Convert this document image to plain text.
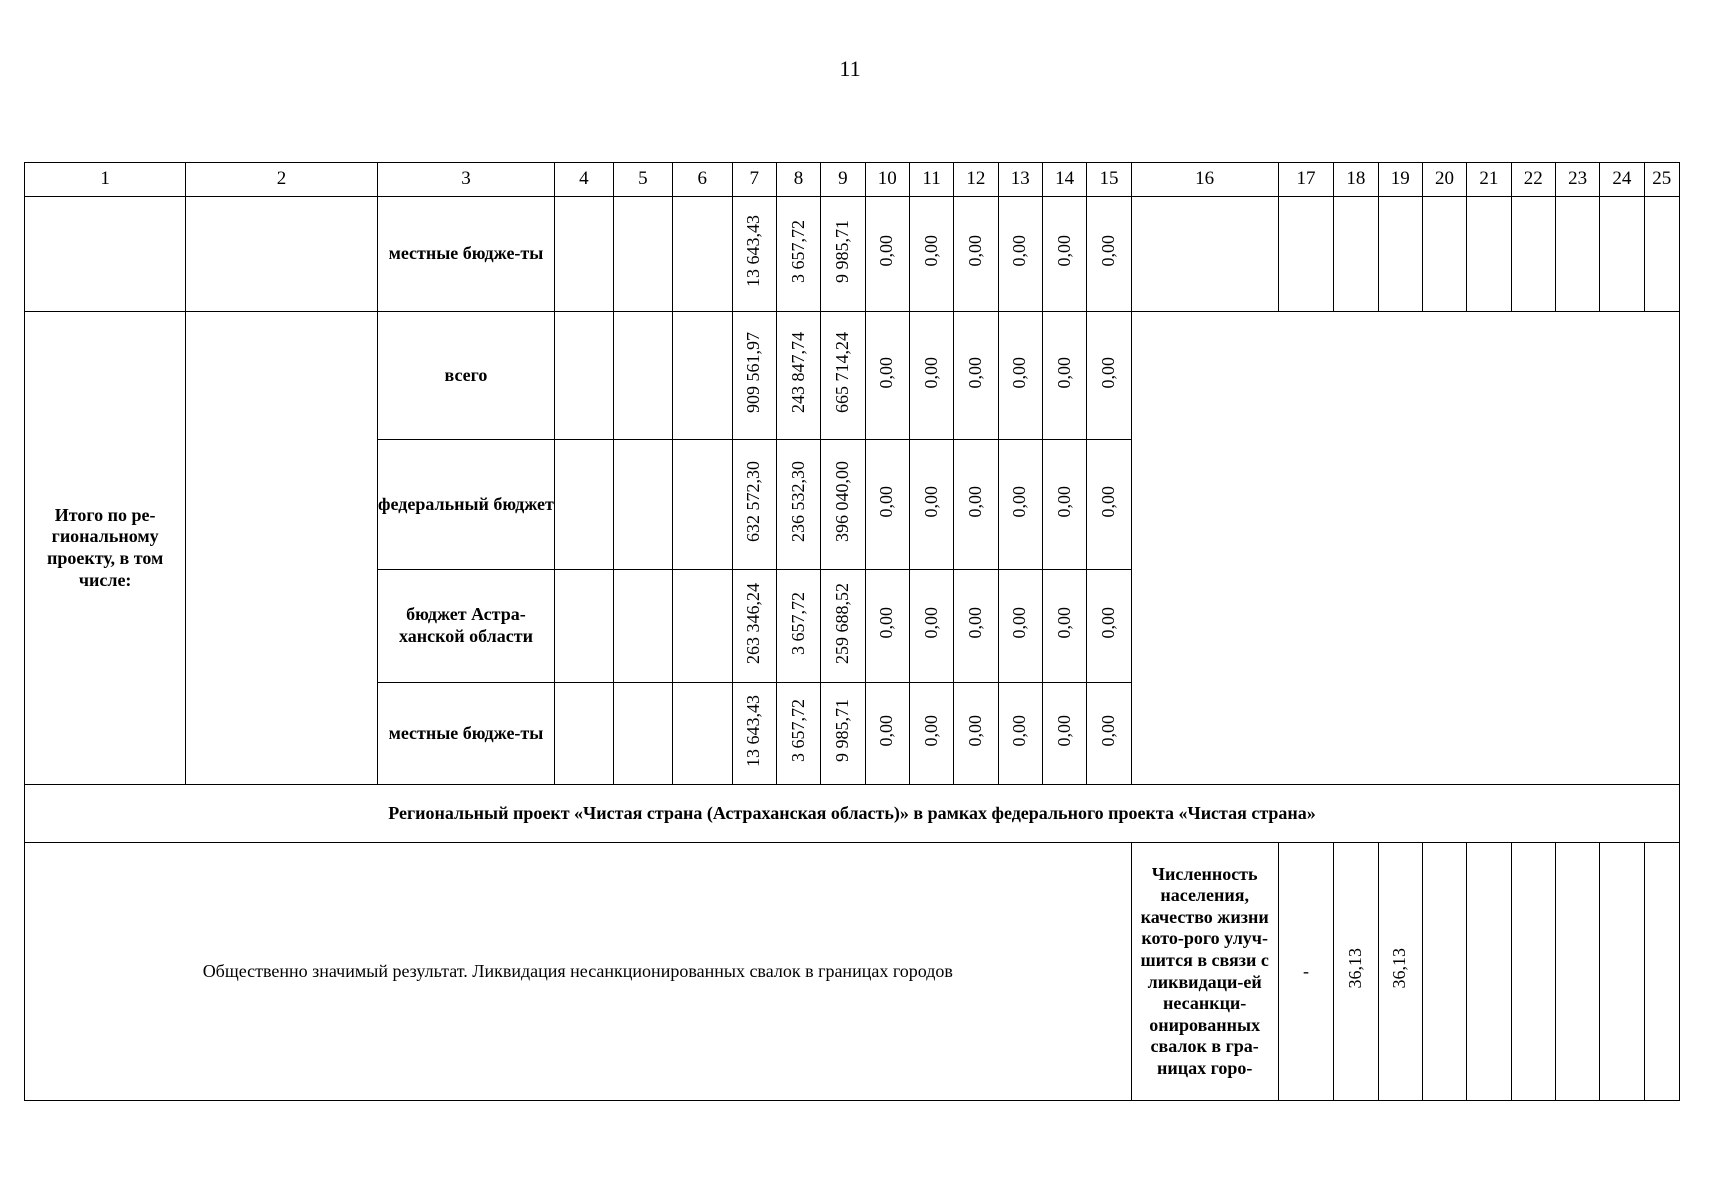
11
1	2	3	4	5	6	7	8	9	10	11	12	13	14	15	16	17	18	19	20	21	22	23	24	25
		местные бюдже-ты				13 643,43	3 657,72	9 985,71	0,00	0,00	0,00	0,00	0,00	0,00										
Итого по ре-гиональному проекту, в том числе:		всего				909 561,97	243 847,74	665 714,24	0,00	0,00	0,00	0,00	0,00	0,00										
		федеральный бюджет				632 572,30	236 532,30	396 040,00	0,00	0,00	0,00	0,00	0,00	0,00										
		бюджет Астра-ханской области				263 346,24	3 657,72	259 688,52	0,00	0,00	0,00	0,00	0,00	0,00										
		местные бюдже-ты				13 643,43	3 657,72	9 985,71	0,00	0,00	0,00	0,00	0,00	0,00										
Региональный проект «Чистая страна (Астраханская область)» в рамках федерального проекта «Чистая страна»																								
Общественно значимый результат. Ликвидация несанкционированных свалок в границах городов															Численность населения, качество жизни кото-рого улуч-шится в связи с ликвидаци-ей несанкци-онированных свалок в гра-ницах горо-	-	36,13	36,13						
